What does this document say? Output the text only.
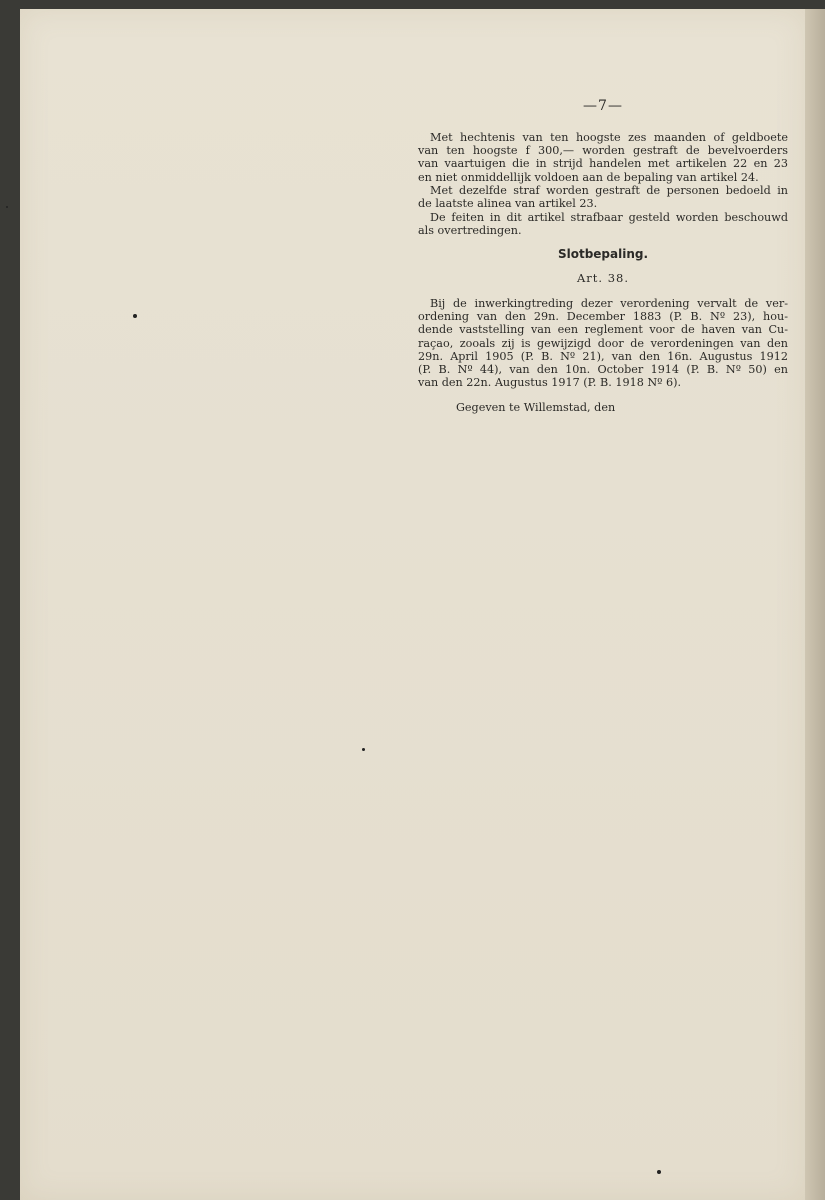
—7—
Met hechtenis van ten hoogste zes maanden of geldboete
van ten hoogste f 300,— worden gestraft de bevelvoerders
van vaartuigen die in strijd handelen met artikelen 22 en 23
en niet onmiddellijk voldoen aan de bepaling van artikel 24.
Met dezelfde straf worden gestraft de personen bedoeld in
de laatste alinea van artikel 23.
De feiten in dit artikel strafbaar gesteld worden beschouwd
als overtredingen.
Slotbepaling.
Art. 38.
Bij de inwerkingtreding dezer verordening vervalt de ver-
ordening van den 29n. December 1883 (P. B. Nº 23), hou-
dende vaststelling van een reglement voor de haven van Cu-
raçao, zooals zij is gewijzigd door de verordeningen van den
29n. April 1905 (P. B. Nº 21), van den 16n. Augustus 1912
(P. B. Nº 44), van den 10n. October 1914 (P. B. Nº 50) en
van den 22n. Augustus 1917 (P. B. 1918 Nº 6).
Gegeven te Willemstad, den
